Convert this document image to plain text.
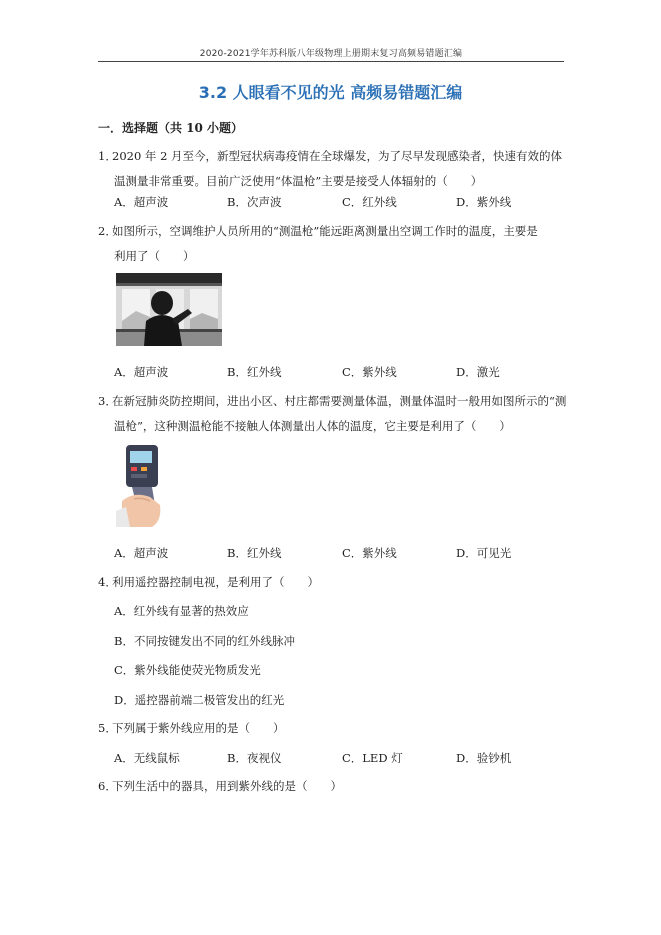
2020-2021学年苏科版八年级物理上册期末复习高频易错题汇编
3.2 人眼看不见的光 高频易错题汇编
一．选择题（共 10 小题）
1．2020 年 2 月至今，新型冠状病毒疫情在全球爆发，为了尽早发现感染者，快速有效的体
温测量非常重要。目前广泛使用“体温枪”主要是接受人体辐射的（　　）
A．超声波	B．次声波	C．红外线	D．紫外线
2．如图所示，空调维护人员所用的“测温枪”能远距离测量出空调工作时的温度，主要是
利用了（　　）
A．超声波	B．红外线	C．紫外线	D．激光
3．在新冠肺炎防控期间，进出小区、村庄都需要测量体温，测量体温时一般用如图所示的“测
温枪”，这种测温枪能不接触人体测量出人体的温度，它主要是利用了（　　）
A．超声波	B．红外线	C．紫外线	D．可见光
4．利用遥控器控制电视，是利用了（　　）
A．红外线有显著的热效应
B．不同按键发出不同的红外线脉冲
C．紫外线能使荧光物质发光
D．遥控器前端二极管发出的红光
5．下列属于紫外线应用的是（　　）
A．无线鼠标	B．夜视仪	C．LED 灯	D．验钞机
6．下列生活中的器具，用到紫外线的是（　　）
